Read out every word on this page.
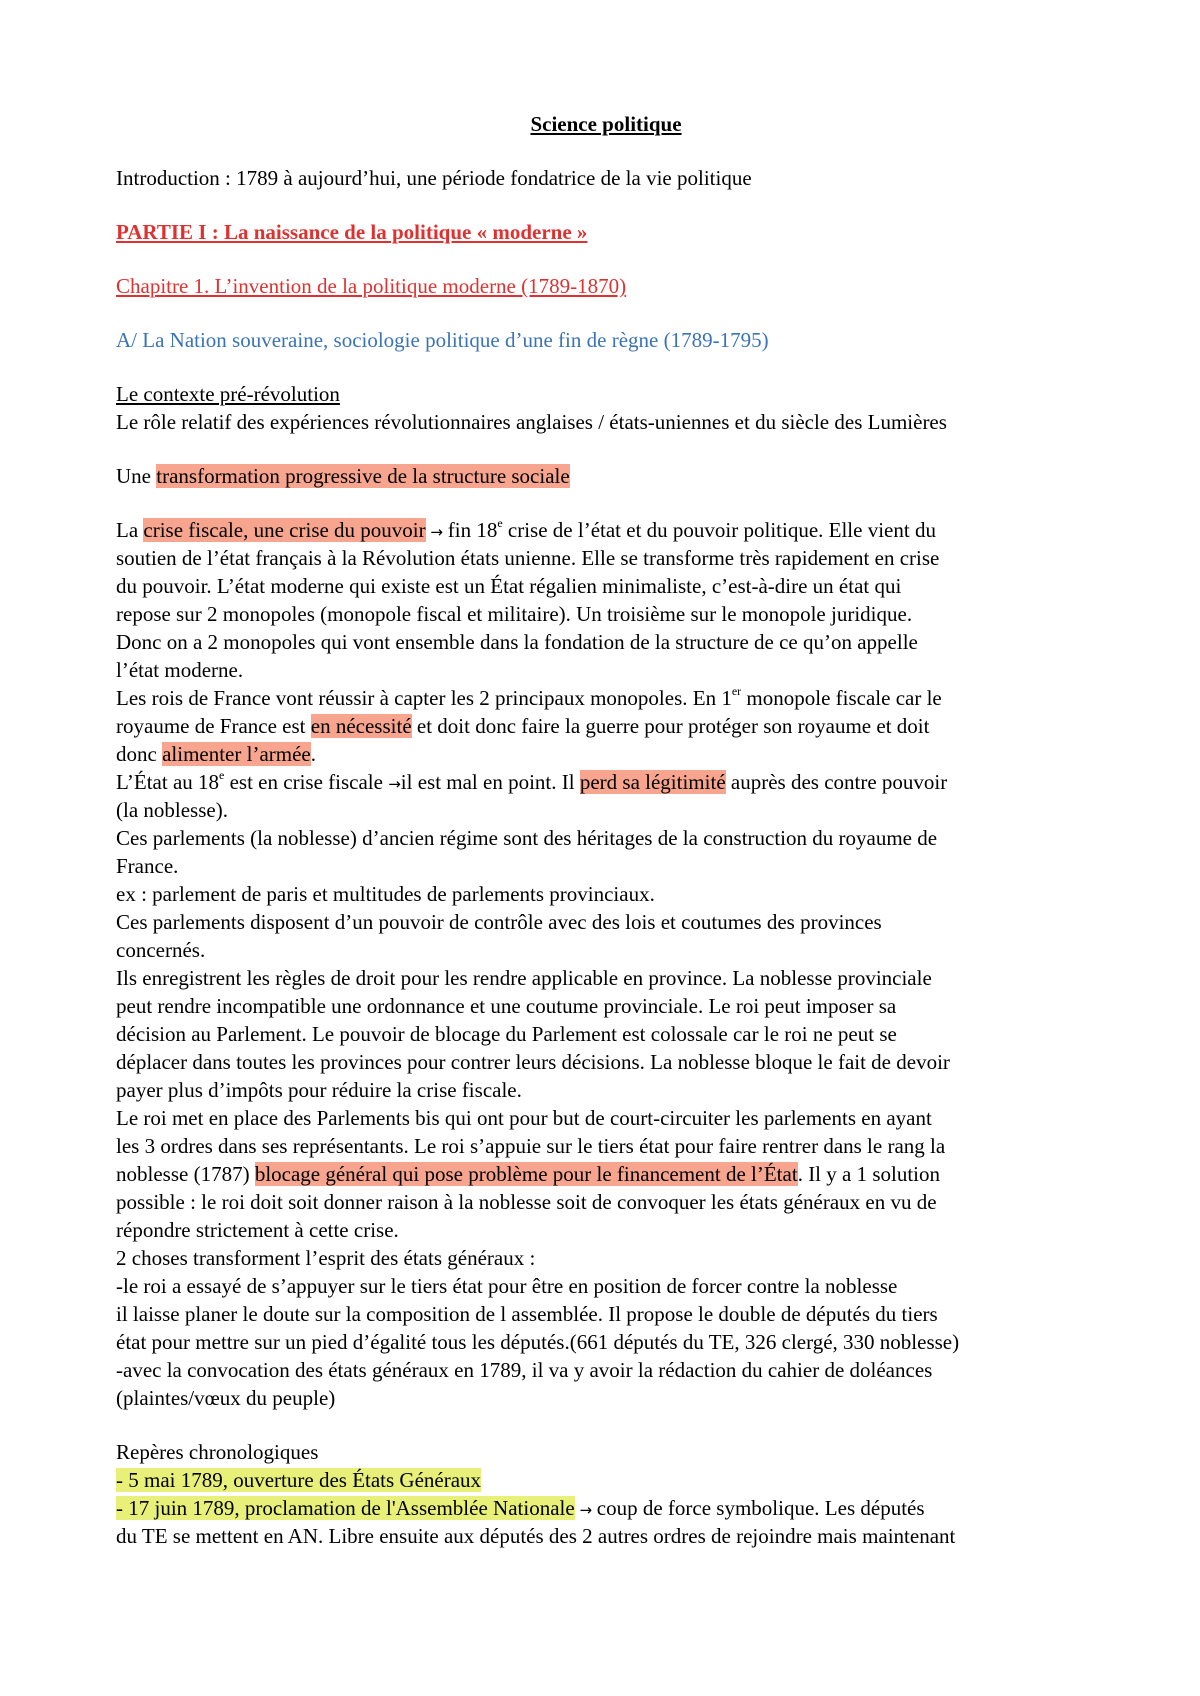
Science politique
Introduction : 1789 à aujourd’hui, une période fondatrice de la vie politique
PARTIE I : La naissance de la politique « moderne »
Chapitre 1. L’invention de la politique moderne (1789-1870)
A/ La Nation souveraine, sociologie politique d’une fin de règne (1789-1795)
Le contexte pré-révolution
Le rôle relatif des expériences révolutionnaires anglaises / états-uniennes et du siècle des Lumières
Une transformation progressive de la structure sociale
La crise fiscale, une crise du pouvoir → fin 18e crise de l’état et du pouvoir politique. Elle vient du
soutien de l’état français à la Révolution états unienne. Elle se transforme très rapidement en crise
du pouvoir. L’état moderne qui existe est un État régalien minimaliste, c’est-à-dire un état qui
repose sur 2 monopoles (monopole fiscal et militaire). Un troisième sur le monopole juridique.
Donc on a 2 monopoles qui vont ensemble dans la fondation de la structure de ce qu’on appelle
l’état moderne.
Les rois de France vont réussir à capter les 2 principaux monopoles. En 1er monopole fiscale car le
royaume de France est en nécessité et doit donc faire la guerre pour protéger son royaume et doit
donc alimenter l’armée.
L’État au 18e est en crise fiscale →il est mal en point. Il perd sa légitimité auprès des contre pouvoir
(la noblesse).
Ces parlements (la noblesse) d’ancien régime sont des héritages de la construction du royaume de
France.
ex : parlement de paris et multitudes de parlements provinciaux.
Ces parlements disposent d’un pouvoir de contrôle avec des lois et coutumes des provinces
concernés.
Ils enregistrent les règles de droit pour les rendre applicable en province. La noblesse provinciale
peut rendre incompatible une ordonnance et une coutume provinciale. Le roi peut imposer sa
décision au Parlement. Le pouvoir de blocage du Parlement est colossale car le roi ne peut se
déplacer dans toutes les provinces pour contrer leurs décisions. La noblesse bloque le fait de devoir
payer plus d’impôts pour réduire la crise fiscale.
Le roi met en place des Parlements bis qui ont pour but de court-circuiter les parlements en ayant
les 3 ordres dans ses représentants. Le roi s’appuie sur le tiers état pour faire rentrer dans le rang la
noblesse (1787) blocage général qui pose problème pour le financement de l’État. Il y a 1 solution
possible : le roi doit soit donner raison à la noblesse soit de convoquer les états généraux en vu de
répondre strictement à cette crise.
2 choses transforment l’esprit des états généraux :
-le roi a essayé de s’appuyer sur le tiers état pour être en position de forcer contre la noblesse
il laisse planer le doute sur la composition de l assemblée. Il propose le double de députés du tiers
état pour mettre sur un pied d’égalité tous les députés.(661 députés du TE, 326 clergé, 330 noblesse)
-avec la convocation des états généraux en 1789, il va y avoir la rédaction du cahier de doléances
(plaintes/vœux du peuple)
Repères chronologiques
- 5 mai 1789, ouverture des États Généraux
- 17 juin 1789, proclamation de l'Assemblée Nationale → coup de force symbolique. Les députés
du TE se mettent en AN. Libre ensuite aux députés des 2 autres ordres de rejoindre mais maintenant
